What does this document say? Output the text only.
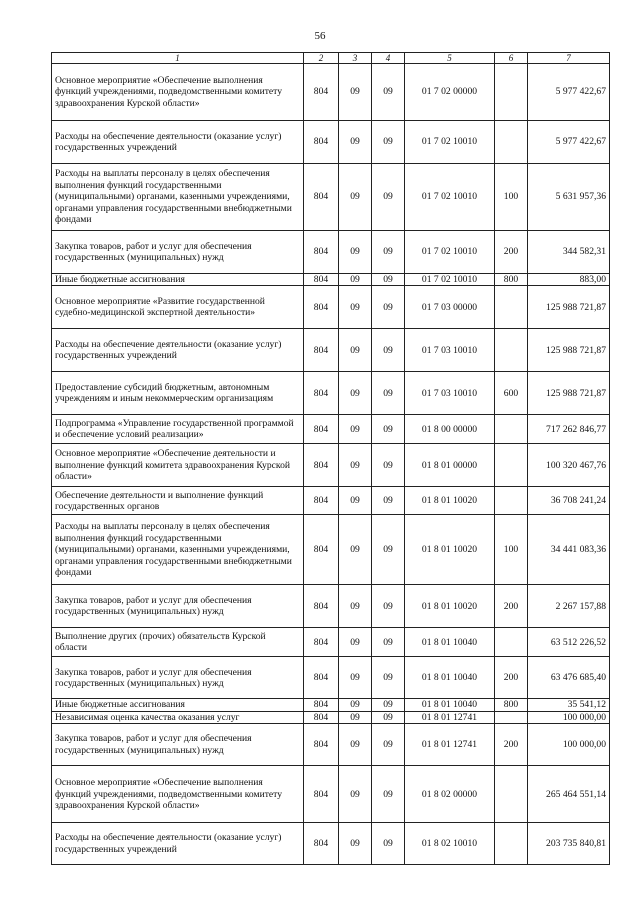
56
1	2	3	4	5	6	7
Основное мероприятие «Обеспечение выполнения функций учреждениями, подведомственными комитету здравоохранения Курской области»	804	09	09	01 7 02 00000		5 977 422,67
Расходы на обеспечение деятельности (оказание услуг) государственных учреждений	804	09	09	01 7 02 10010		5 977 422,67
Расходы на выплаты персоналу в целях обеспечения выполнения функций государственными (муниципальными) органами, казенными учреждениями, органами управления государственными внебюджетными фондами	804	09	09	01 7 02 10010	100	5 631 957,36
Закупка товаров, работ и услуг для обеспечения государственных (муниципальных) нужд	804	09	09	01 7 02 10010	200	344 582,31
Иные бюджетные ассигнования	804	09	09	01 7 02 10010	800	883,00
Основное мероприятие «Развитие государственной судебно-медицинской экспертной деятельности»	804	09	09	01 7 03 00000		125 988 721,87
Расходы на обеспечение деятельности (оказание услуг) государственных учреждений	804	09	09	01 7 03 10010		125 988 721,87
Предоставление субсидий бюджетным, автономным учреждениям и иным некоммерческим организациям	804	09	09	01 7 03 10010	600	125 988 721,87
Подпрограмма «Управление государственной программой и обеспечение условий реализации»	804	09	09	01 8 00 00000		717 262 846,77
Основное мероприятие «Обеспечение деятельности и выполнение функций комитета здравоохранения Курской области»	804	09	09	01 8 01 00000		100 320 467,76
Обеспечение деятельности и выполнение функций государственных органов	804	09	09	01 8 01 10020		36 708 241,24
Расходы на выплаты персоналу в целях обеспечения выполнения функций государственными (муниципальными) органами, казенными учреждениями, органами управления государственными внебюджетными фондами	804	09	09	01 8 01 10020	100	34 441 083,36
Закупка товаров, работ и услуг для обеспечения государственных (муниципальных) нужд	804	09	09	01 8 01 10020	200	2 267 157,88
Выполнение других (прочих) обязательств Курской области	804	09	09	01 8 01 10040		63 512 226,52
Закупка товаров, работ и услуг для обеспечения государственных (муниципальных) нужд	804	09	09	01 8 01 10040	200	63 476 685,40
Иные бюджетные ассигнования	804	09	09	01 8 01 10040	800	35 541,12
Независимая оценка качества оказания услуг	804	09	09	01 8 01 12741		100 000,00
Закупка товаров, работ и услуг для обеспечения государственных (муниципальных) нужд	804	09	09	01 8 01 12741	200	100 000,00
Основное мероприятие «Обеспечение выполнения функций учреждениями, подведомственными комитету здравоохранения Курской области»	804	09	09	01 8 02 00000		265 464 551,14
Расходы на обеспечение деятельности (оказание услуг) государственных учреждений	804	09	09	01 8 02 10010		203 735 840,81
